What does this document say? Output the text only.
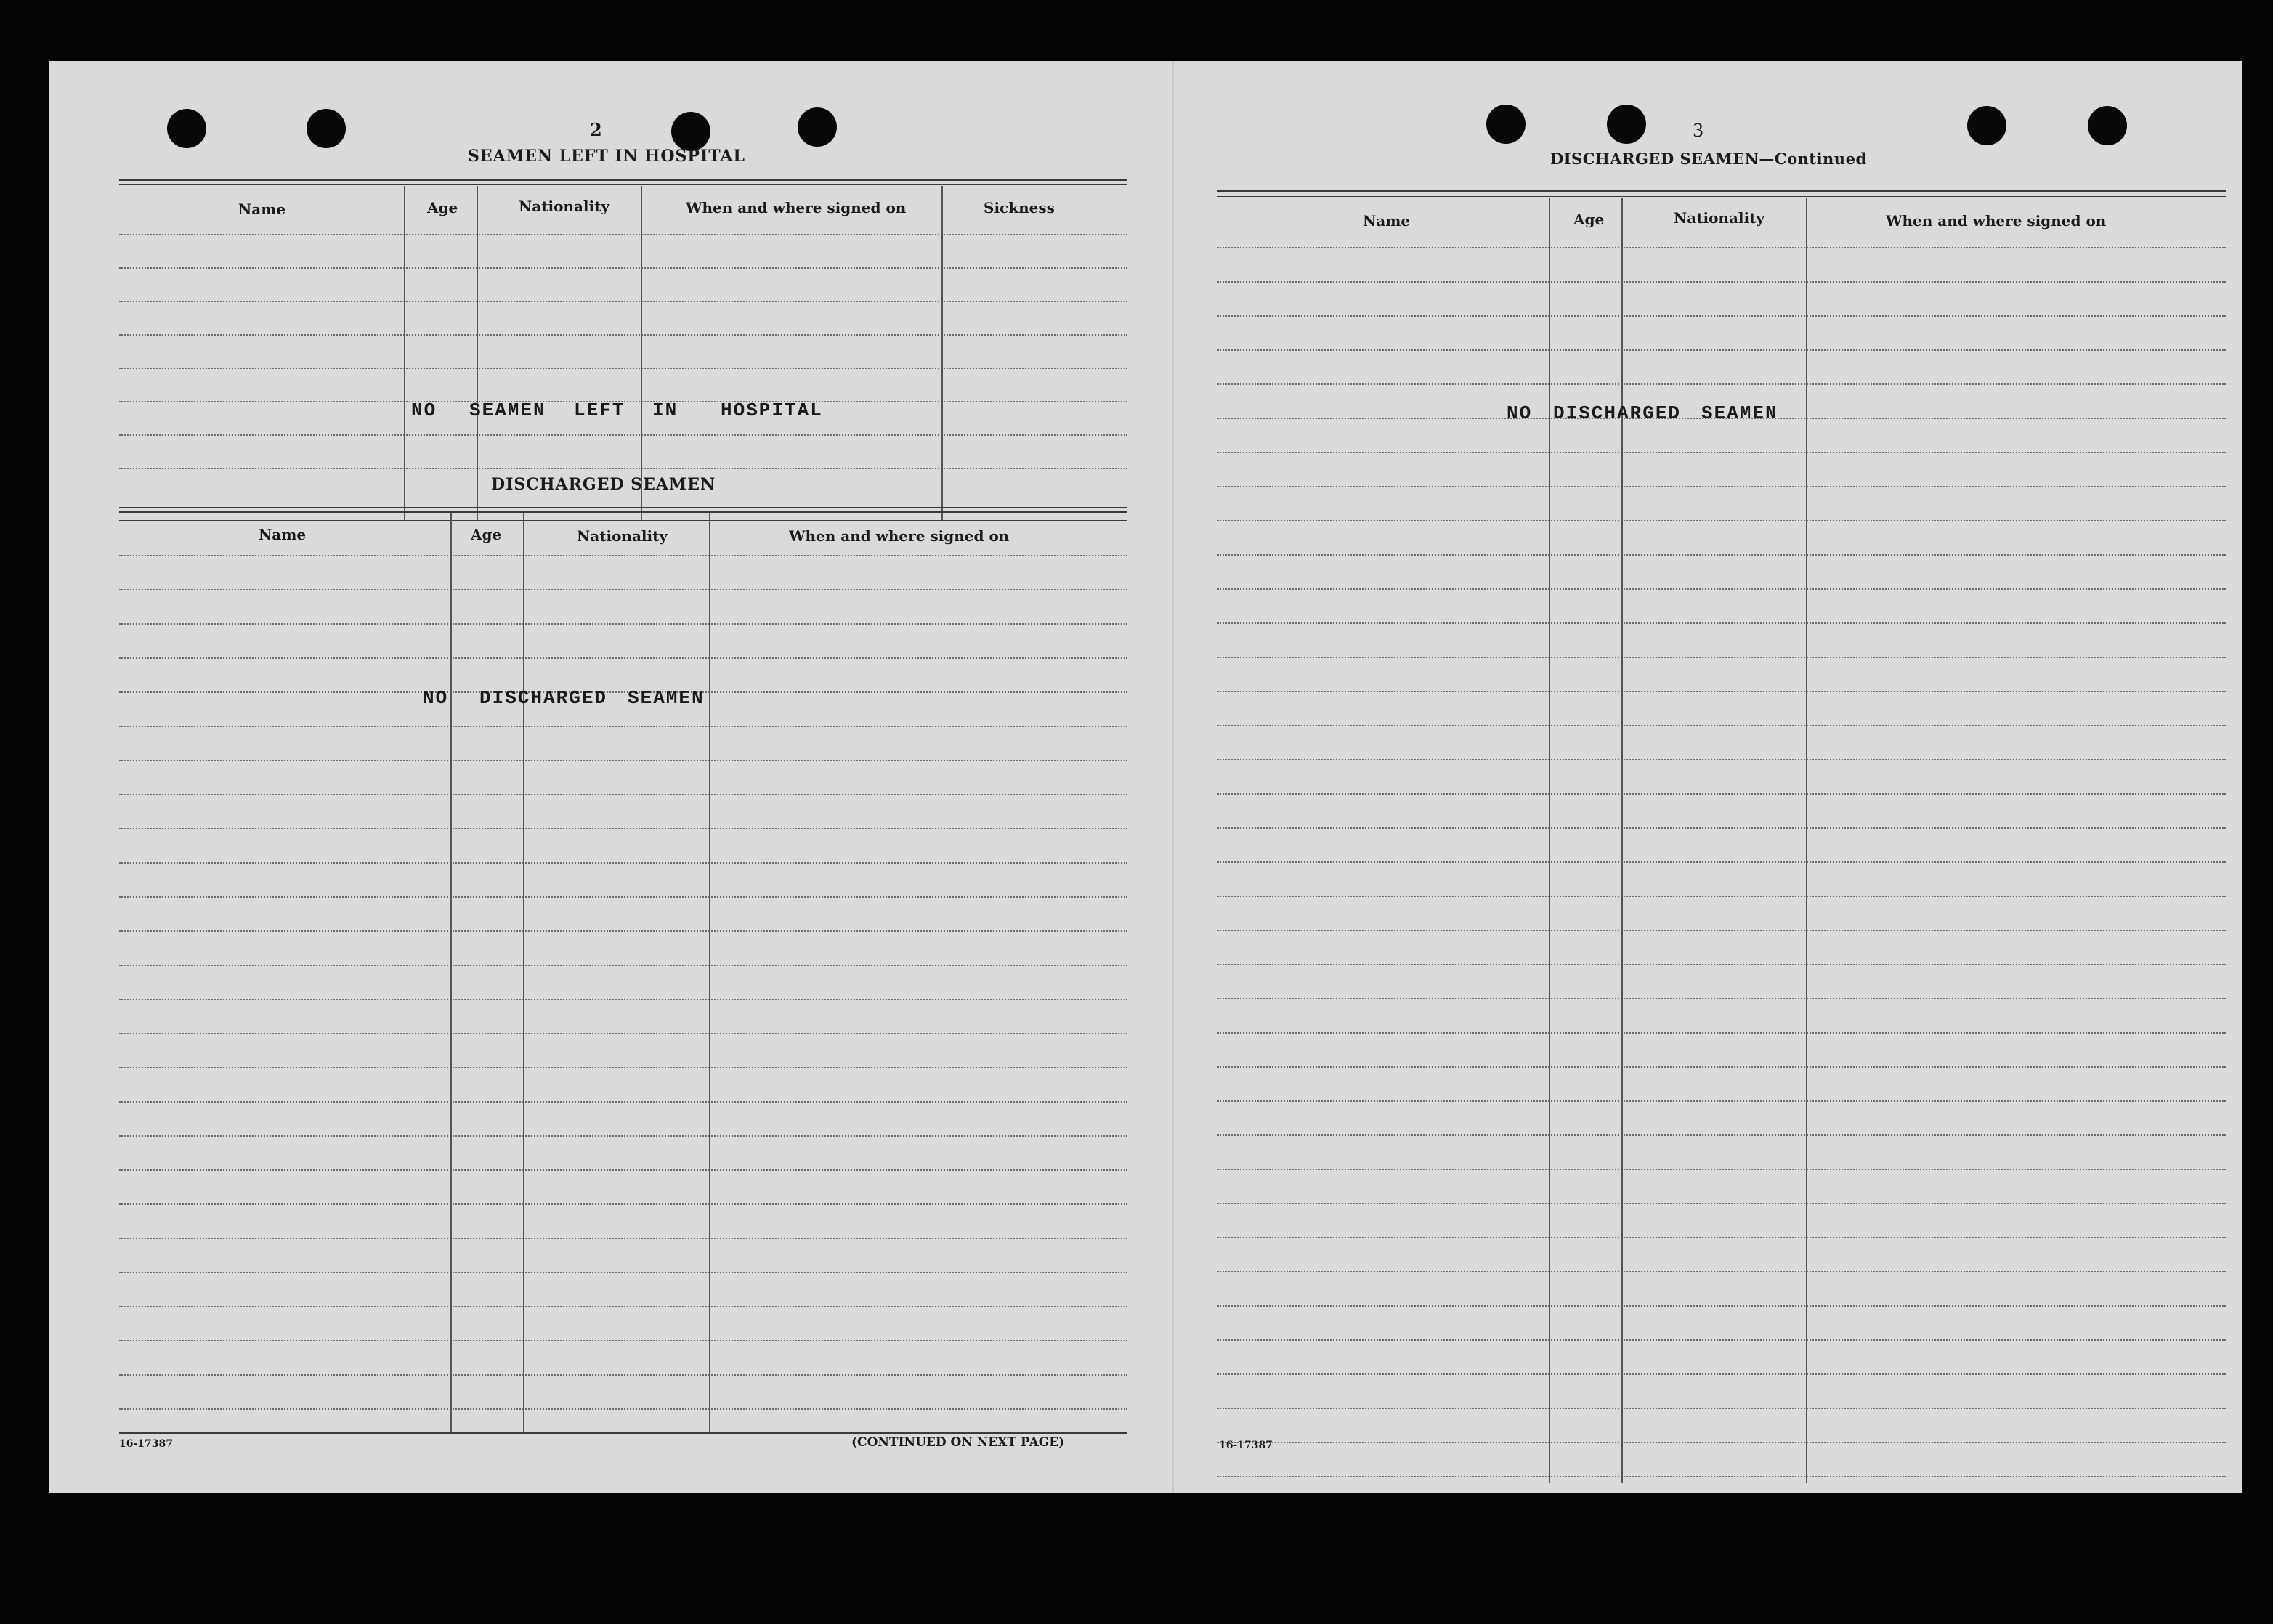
2
SEAMEN LEFT IN HOSPITAL
Name	Age	Nationality	When and where signed on	Sickness
NO SEAMEN LEFT IN HOSPITAL
DISCHARGED SEAMEN
Name	Age	Nationality	When and where signed on
NO DISCHARGED SEAMEN
16-17387	(CONTINUED ON NEXT PAGE)
3
DISCHARGED SEAMEN—Continued
Name	Age	Nationality	When and where signed on
NO DISCHARGED SEAMEN
16-17387
